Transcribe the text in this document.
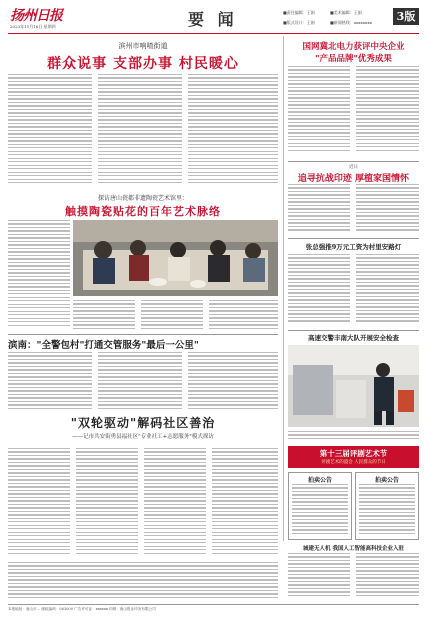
扬州日报
2023年11月16日 星期四	要 闻	■责任编辑：王娟	■美术编辑：王娟
■版式设计：王娟	■新闻热线：xxxxxxxx	3版
滨州市响喳街道
群众说事 支部办事 村民暖心
探访唐山瓷都非遗陶瓷艺术馆里：
触摸陶瓷贴花的百年艺术脉络
滨南："全警包村"打通交管服务"最后一公里"
"双轮驱动"解码社区善治
——记市共安街勇县福社区"专业社工+志愿服务"模式探访
国网冀北电力获评中央企业
"产品品牌"优秀成果
近日
追寻抗战印迹 厚植家国情怀
张总强推9万元工资为村里安路灯
高速交警丰南大队开展安全检查
第十三届评剧艺术节
评剧艺术的盛会 人民群众的节日
拍卖公告	拍卖公告
城建无人机 我国人工智能高科技企业入驻
本报地址：唐山市... 邮政编码：063000 广告许可证：xxxxxx 印刷：唐山报业印务有限公司
